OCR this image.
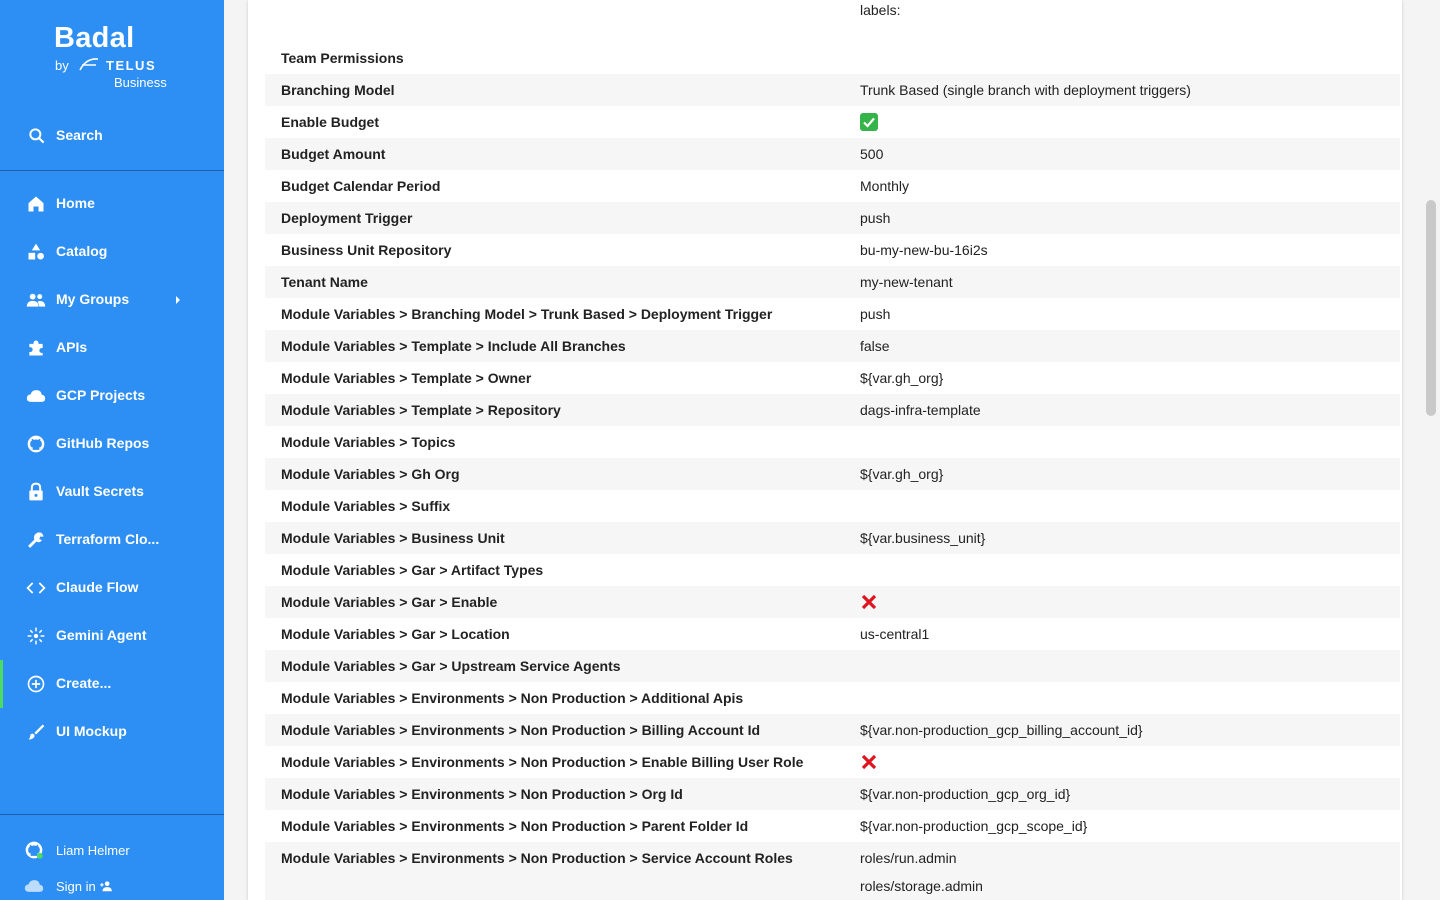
Badal
by	TELUS
Business
Search
Home
Catalog
My Groups
APIs
GCP Projects
GitHub Repos
Vault Secrets
Terraform Clo...
Claude Flow
Gemini Agent
Create...
UI Mockup
Liam Helmer
Sign in
labels:
Team Permissions
Branching Model	Trunk Based (single branch with deployment triggers)
Enable Budget
Budget Amount	500
Budget Calendar Period	Monthly
Deployment Trigger	push
Business Unit Repository	bu-my-new-bu-16i2s
Tenant Name	my-new-tenant
Module Variables > Branching Model > Trunk Based > Deployment Trigger	push
Module Variables > Template > Include All Branches	false
Module Variables > Template > Owner	${var.gh_org}
Module Variables > Template > Repository	dags-infra-template
Module Variables > Topics
Module Variables > Gh Org	${var.gh_org}
Module Variables > Suffix
Module Variables > Business Unit	${var.business_unit}
Module Variables > Gar > Artifact Types
Module Variables > Gar > Enable
Module Variables > Gar > Location	us-central1
Module Variables > Gar > Upstream Service Agents
Module Variables > Environments > Non Production > Additional Apis
Module Variables > Environments > Non Production > Billing Account Id	${var.non-production_gcp_billing_account_id}
Module Variables > Environments > Non Production > Enable Billing User Role
Module Variables > Environments > Non Production > Org Id	${var.non-production_gcp_org_id}
Module Variables > Environments > Non Production > Parent Folder Id	${var.non-production_gcp_scope_id}
Module Variables > Environments > Non Production > Service Account Roles	roles/run.admin
roles/storage.admin
